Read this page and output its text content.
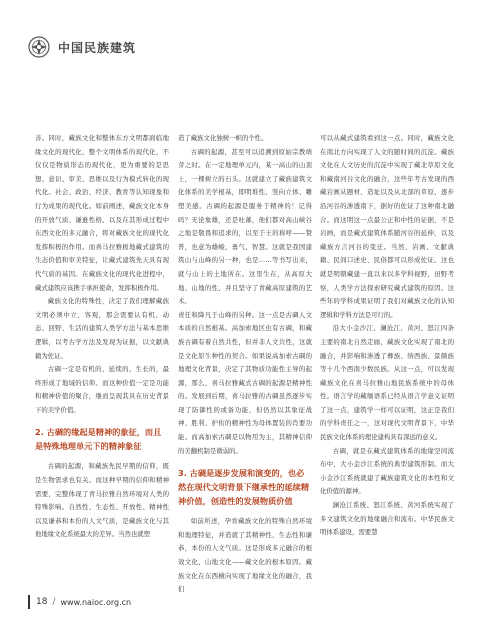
中国民族建筑

善。同时，藏族文化和整体东方文明都面临地缘文化的现代化、整个文明体系的现代化，不仅仅是物质形态的现代化，更为重要的是思想、意识、审美、思维以及行为模式转化的现代化。社会、政治、经济、教育等认知现象和行为成果的现代化。如前阐述，藏族文化本身的开放气质、谦逊性格、以及在其形成过程中东西文化的多元融合，将对藏族文化的现代化发挥积极的作用。而喜马拉雅极地藏式建筑的生态价值和审美特征，让藏式建筑先天具有现代气质的基因。在藏族文化的现代化进程中，藏式建筑应该携手承担使命，发挥积极作用。

藏族文化的特殊性，决定了我们理解藏族文明必须中立、客观，那会需要认有机、动态、回野、生活的建筑人类学方法与基本思维逻辑，以考古学方法及发现为证据，以文献典籍为佐证。

古碉一定是有机的、延续的、生长的，最终形成了地域的信仰。而这种价值一定是功能和精神价值的聚合，继而呈现其具在历史背景下的美学价值。

2. 古碉的缘起是精神的象征，而且是特殊地理单元下的精神象征

古碉的起源，和藏族先民早期的信仰，既是生物需求也有关。而这种早期的信仰和精神需要，完整体现了青马拉雅自然环境对人类的特殊影响。自然性、生态性、开放性、精神性以及谦恭和本份的人文气质，是藏族文化与其他地缘文化系统最大的差异。当然也就塑

造了藏族文化独树一帜的个性。

古碉的起源，甚至可以追溯到原始宗教萌芽之时。在一定地理单元内，某一高山的山顶上，一棵树立的石头。这就建立了藏族建筑文化体系的美学根基，即明堆性、竖向立体、雕塑美感。古碉的起源是服务于精神的！记得吗？无论象雄，还是吐蕃，他们都对高山峡谷之地是敬畏和追求的，以至于王的称呼——赞普，也意为雄峻、勇气、智慧。这就是我国建筑山与山峰的另一种，也是……等书写出来，就与山上的土地所在。这里生在，从高原大地、山地的性、并且坚守了青藏高原建筑的艺术。

责任和降凡于山峰的另种。这一点是古碉人文本质的自然根基。高加索地区也有古碉，和藏族古碉有着自然共性，但并非人文共性，这就是文化原生种性的契合。如果说高加索古碉的地理文化背景，决定了其物质功能性主导的起源，那么，喜马拉雅藏式古碉的起源是精神性的。发展到后期，喜马拉雅的古碉虽然逐步实现了防御性的或备功能，但仍然以其象征战神、胜利、护佑的精神性为母体置装的肖要功能。而高加索古碉是以物用为主，其精神信仰的美翻机制是微弱的。

3. 古碉是逐步发展和演变的，也必然在现代文明背景下继承性的延续精神价值，创造性的发展物质价值

如前所述，孕育藏族文化的特殊自然环境和地理特征，并造就了其精神性、生态性和谦恭，本份的人文气质。这是形成多元融合的根效文化、山地文化——藏文化的根本原因。藏族文化在东西横向实现了地缘文化的融合，我们

可以从藏式建筑看到这一点。同时，藏族文化在南北方向实现了人文的随时间的沉淀。藏族文化在人文历史的沉淀中实现了藏北草原文化和藏南河谷文化的融合，这些年考古发现的西藏岩画从题材、造址以及从北部的草原、逐步沿河谷的渗透南下，据好的佐证了这种南北融合。而这明这一点最公正和中性的证据，不是岩画，而是藏式建筑体系随河谷的延伸，以及藏族方言河谷的变迁。当然，岩画、文献典籍、民间口述史、民俗都可以形成佐证。这也就是明朝藏建一直以来以多学科视野，田野考察，人类学方法探索研究藏式建筑的原因。这些年的学科成果证明了我们对藏族文化的认知逻辑和学科方法是可行的。

沿大小金沙江、澜沧江、黄河、怒江四条主要的南北自然走廊，藏族文化实现了南北的融合，并影响和渗透了彝族、纳西族、景颇族等十几个西南少数民族。从这一点，可以发现藏族文化在喜马拉雅山地民族系统中的母体性。语言学的藏缅语系已经从语言学意义证明了这一点，建筑学一样可以证明，这正是我们的学科责任之一，这对现代文明背景下，中华民族文化体系的理论建构具有深远的意义。

古碉，就是在藏式建筑体系的地缘空间流布中，大小金沙江系统的典型建筑形制。而大小金沙江系统就建了藏族建筑文化的本性和文化价值的源神。

澜沧江系统、怒江系统、黄河系统实现了多文建筑文化的地缘融合和流布。中华民族文明体系建设，需要慧

18 / www.naioc.org.cn
